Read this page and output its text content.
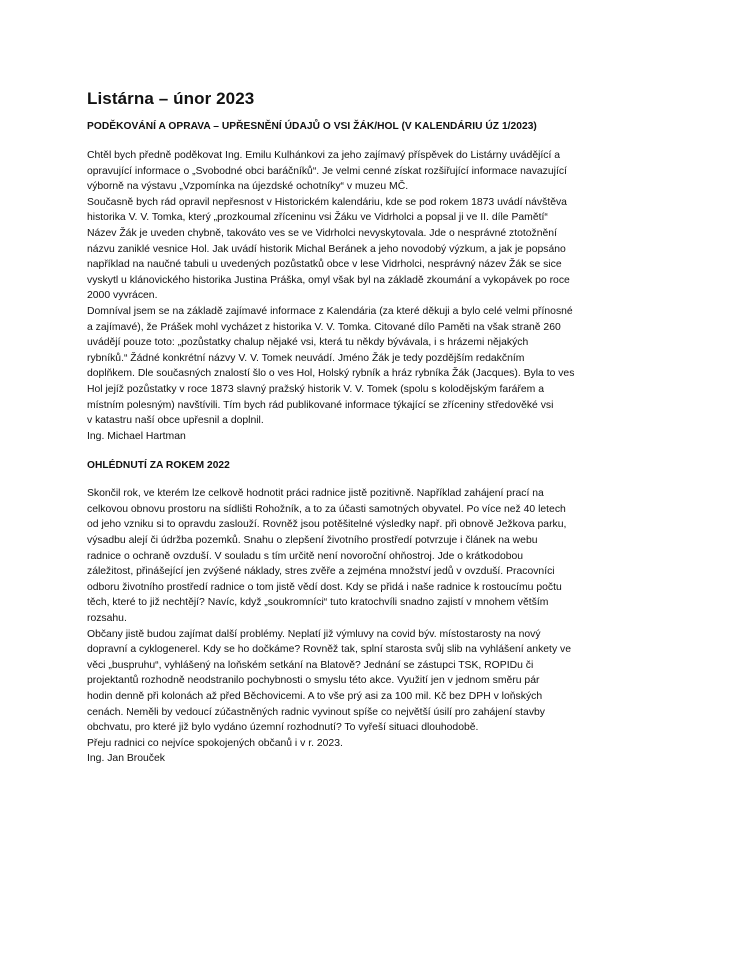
Listárna – únor 2023
PODĚKOVÁNÍ A OPRAVA – UPŘESNĚNÍ ÚDAJŮ O VSI ŽÁK/HOL (V KALENDÁRIU ÚZ 1/2023)

Chtěl bych předně poděkovat Ing. Emilu Kulhánkovi za jeho zajímavý příspěvek do Listárny uvádějící a
opravující informace o „Svobodné obci baráčníků“. Je velmi cenné získat rozšiřující informace navazující
výborně na výstavu „Vzpomínka na újezdské ochotníky“ v muzeu MČ.
Současně bych rád opravil nepřesnost v Historickém kalendáriu, kde se pod rokem 1873 uvádí návštěva
historika V. V. Tomka, který „prozkoumal zříceninu vsi Žáku ve Vidrholci a popsal ji ve II. díle Pamětí“
Název Žák je uveden chybně, takováto ves se ve Vidrholci nevyskytovala. Jde o nesprávné ztotožnění
názvu zaniklé vesnice Hol. Jak uvádí historik Michal Beránek a jeho novodobý výzkum, a jak je popsáno
například na naučné tabuli u uvedených pozůstatků obce v lese Vidrholci, nesprávný název Žák se sice
vyskytl u klánovického historika Justina Práška, omyl však byl na základě zkoumání a vykopávek po roce
2000 vyvrácen.
Domníval jsem se na základě zajímavé informace z Kalendária (za které děkuji a bylo celé velmi přínosné
a zajímavé), že Prášek mohl vycházet z historika V. V. Tomka. Citované dílo Paměti na však straně 260
uvádějí pouze toto: „pozůstatky chalup nějaké vsi, která tu někdy bývávala, i s hrázemi nějakých
rybníků.“ Žádné konkrétní názvy V. V. Tomek neuvádí. Jméno Žák je tedy pozdějším redakčním
doplňkem. Dle současných znalostí šlo o ves Hol, Holský rybník a hráz rybníka Žák (Jacques). Byla to ves
Hol jejíž pozůstatky v roce 1873 slavný pražský historik V. V. Tomek (spolu s kolodějským farářem a
místním polesným) navštívili. Tím bych rád publikované informace týkající se zříceniny středověké vsi
v katastru naší obce upřesnil a doplnil.

Ing. Michael Hartman

OHLÉDNUTÍ ZA ROKEM 2022

Skončil rok, ve kterém lze celkově hodnotit práci radnice jistě pozitivně. Například zahájení prací na
celkovou obnovu prostoru na sídlišti Rohožník, a to za účasti samotných obyvatel. Po více než 40 letech
od jeho vzniku si to opravdu zaslouží. Rovněž jsou potěšitelné výsledky např. při obnově Ježkova parku,
výsadbu alejí či údržba pozemků. Snahu o zlepšení životního prostředí potvrzuje i článek na webu
radnice o ochraně ovzduší. V souladu s tím určitě není novoroční ohňostroj. Jde o krátkodobou
záležitost, přinášející jen zvýšené náklady, stres zvěře a zejména množství jedů v ovzduší. Pracovníci
odboru životního prostředí radnice o tom jistě vědí dost. Kdy se přidá i naše radnice k rostoucímu počtu
těch, které to již nechtějí? Navíc, když „soukromníci“ tuto kratochvíli snadno zajistí v mnohem větším
rozsahu.
Občany jistě budou zajímat další problémy. Neplatí již výmluvy na covid býv. místostarosty na nový
dopravní a cyklogenerel. Kdy se ho dočkáme? Rovněž tak, splní starosta svůj slib na vyhlášení ankety ve
věci „buspruhu“, vyhlášený na loňském setkání na Blatově? Jednání se zástupci TSK, ROPIDu či
projektantů rozhodně neodstranilo pochybnosti o smyslu této akce. Využití jen v jednom směru pár
hodin denně při kolonách až před Běchovicemi. A to vše prý asi za 100 mil. Kč bez DPH v loňských
cenách. Neměli by vedoucí zúčastněných radnic vyvinout spíše co největší úsilí pro zahájení stavby
obchvatu, pro které již bylo vydáno územní rozhodnutí? To vyřeší situaci dlouhodobě.
Přeju radnici co nejvíce spokojených občanů i v r. 2023.

Ing. Jan Brouček
